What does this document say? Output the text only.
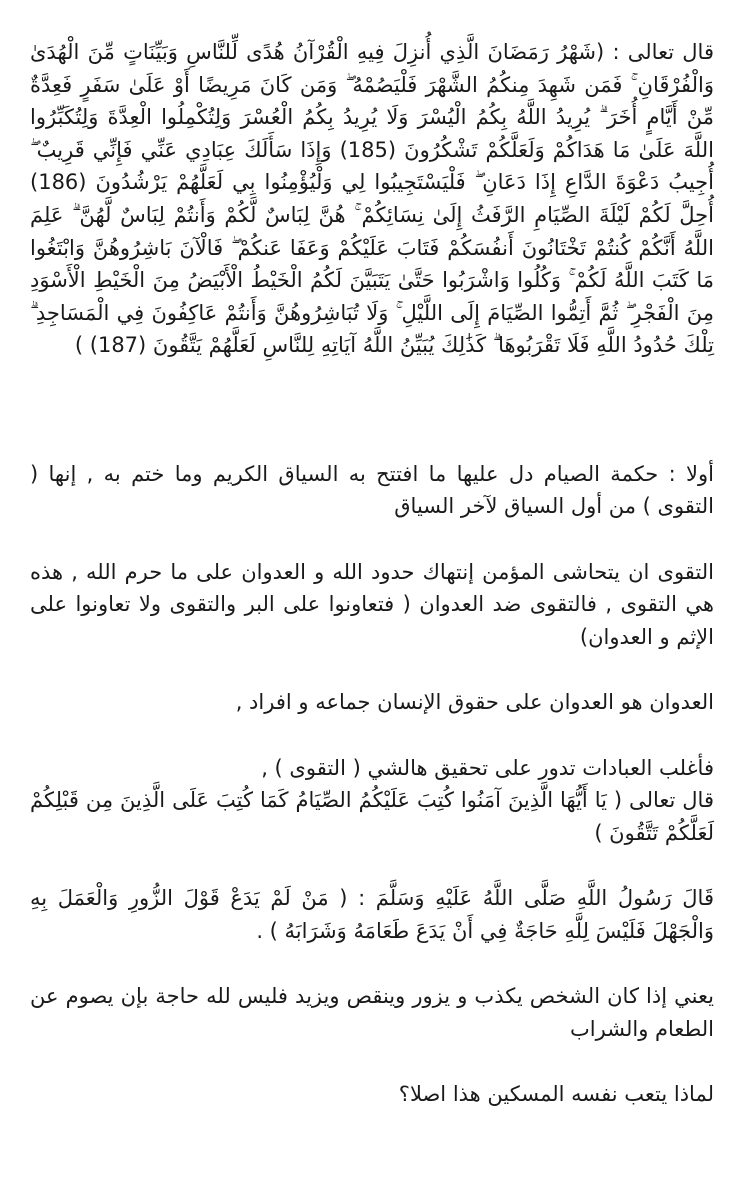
قال تعالى : (شَهْرُ رَمَضَانَ الَّذِي أُنزِلَ فِيهِ الْقُرْآنُ هُدًى لِّلنَّاسِ وَبَيِّنَاتٍ مِّنَ الْهُدَىٰ وَالْفُرْقَانِ ۚ فَمَن شَهِدَ مِنكُمُ الشَّهْرَ فَلْيَصُمْهُ ۖ وَمَن كَانَ مَرِيضًا أَوْ عَلَىٰ سَفَرٍ فَعِدَّةٌ مِّنْ أَيَّامٍ أُخَرَ ۗ يُرِيدُ اللَّهُ بِكُمُ الْيُسْرَ وَلَا يُرِيدُ بِكُمُ الْعُسْرَ وَلِتُكْمِلُوا الْعِدَّةَ وَلِتُكَبِّرُوا اللَّهَ عَلَىٰ مَا هَدَاكُمْ وَلَعَلَّكُمْ تَشْكُرُونَ (185) وَإِذَا سَأَلَكَ عِبَادِي عَنِّي فَإِنِّي قَرِيبٌ ۖ أُجِيبُ دَعْوَةَ الدَّاعِ إِذَا دَعَانِ ۖ فَلْيَسْتَجِيبُوا لِي وَلْيُؤْمِنُوا بِي لَعَلَّهُمْ يَرْشُدُونَ (186) أُحِلَّ لَكُمْ لَيْلَةَ الصِّيَامِ الرَّفَثُ إِلَىٰ نِسَائِكُمْ ۚ هُنَّ لِبَاسٌ لَّكُمْ وَأَنتُمْ لِبَاسٌ لَّهُنَّ ۗ عَلِمَ اللَّهُ أَنَّكُمْ كُنتُمْ تَخْتَانُونَ أَنفُسَكُمْ فَتَابَ عَلَيْكُمْ وَعَفَا عَنكُمْ ۖ فَالْآنَ بَاشِرُوهُنَّ وَابْتَغُوا مَا كَتَبَ اللَّهُ لَكُمْ ۚ وَكُلُوا وَاشْرَبُوا حَتَّىٰ يَتَبَيَّنَ لَكُمُ الْخَيْطُ الْأَبْيَضُ مِنَ الْخَيْطِ الْأَسْوَدِ مِنَ الْفَجْرِ ۖ ثُمَّ أَتِمُّوا الصِّيَامَ إِلَى اللَّيْلِ ۚ وَلَا تُبَاشِرُوهُنَّ وَأَنتُمْ عَاكِفُونَ فِي الْمَسَاجِدِ ۗ تِلْكَ حُدُودُ اللَّهِ فَلَا تَقْرَبُوهَا ۗ كَذَٰلِكَ يُبَيِّنُ اللَّهُ آيَاتِهِ لِلنَّاسِ لَعَلَّهُمْ يَتَّقُونَ (187) )

أولا : حكمة الصيام دل عليها ما افتتح به السياق الكريم وما ختم به , إنها ( التقوى ) من أول السياق لآخر السياق

التقوى ان يتحاشى المؤمن إنتهاك حدود الله و العدوان على ما حرم الله , هذه هي التقوى , فالتقوى ضد العدوان ( فتعاونوا على البر والتقوى ولا تعاونوا على الإثم و العدوان)

العدوان هو العدوان على حقوق الإنسان جماعه و افراد ,

فأغلب العبادات تدور على تحقيق هالشي ( التقوى ) ,
قال تعالى ( يَا أَيُّهَا الَّذِينَ آمَنُوا كُتِبَ عَلَيْكُمُ الصِّيَامُ كَمَا كُتِبَ عَلَى الَّذِينَ مِن قَبْلِكُمْ لَعَلَّكُمْ تَتَّقُونَ )

قَالَ رَسُولُ اللَّهِ صَلَّى اللَّهُ عَلَيْهِ وَسَلَّمَ : ( مَنْ لَمْ يَدَعْ قَوْلَ الزُّورِ وَالْعَمَلَ بِهِ وَالْجَهْلَ فَلَيْسَ لِلَّهِ حَاجَةٌ فِي أَنْ يَدَعَ طَعَامَهُ وَشَرَابَهُ ) .

يعني إذا كان الشخص يكذب و يزور وينقص ويزيد فليس لله حاجة بإن يصوم عن الطعام والشراب

لماذا يتعب نفسه المسكين هذا اصلا؟
